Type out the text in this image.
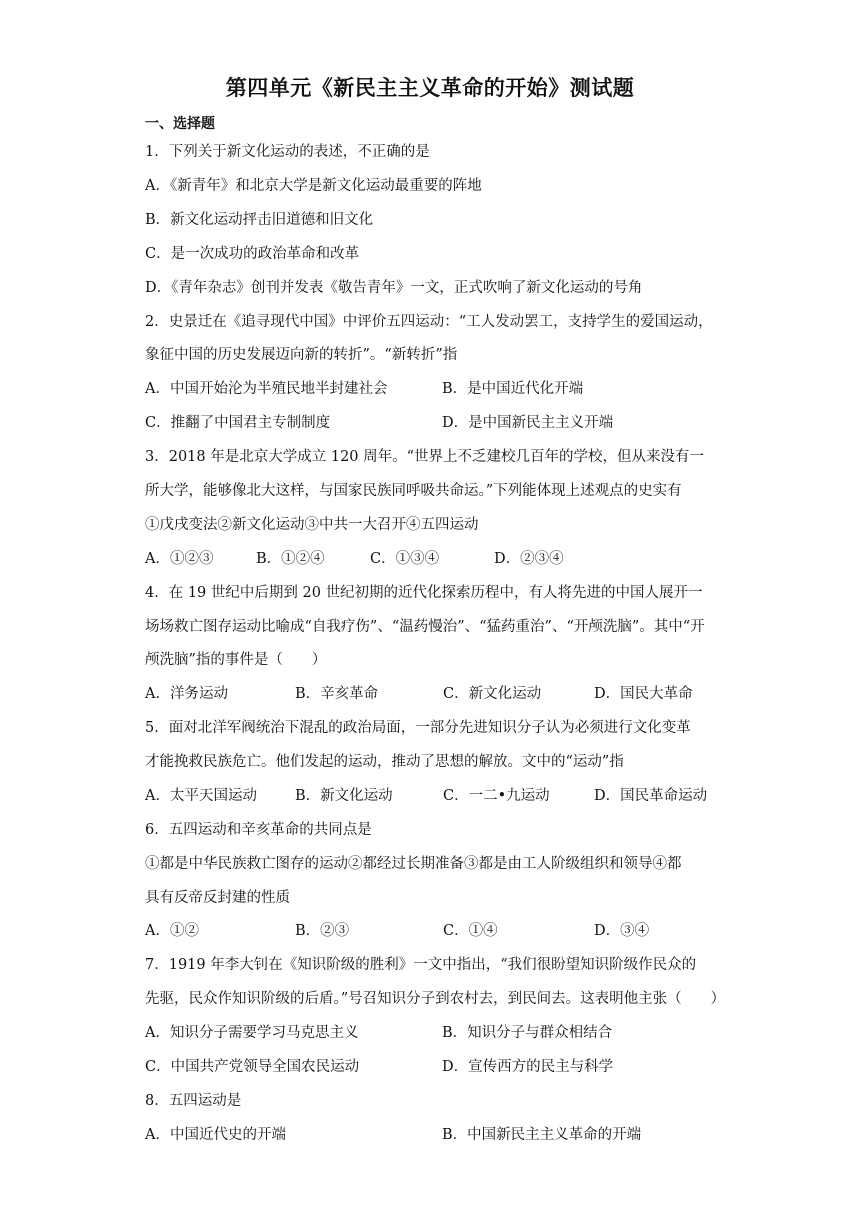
第四单元《新民主主义革命的开始》测试题
一、选择题
1．下列关于新文化运动的表述，不正确的是
A．《新青年》和北京大学是新文化运动最重要的阵地
B．新文化运动抨击旧道德和旧文化
C．是一次成功的政治革命和改革
D．《青年杂志》创刊并发表《敬告青年》一文，正式吹响了新文化运动的号角
2．史景迁在《追寻现代中国》中评价五四运动：“工人发动罢工，支持学生的爱国运动，
象征中国的历史发展迈向新的转折”。“新转折”指
A．中国开始沦为半殖民地半封建社会	B．是中国近代化开端
C．推翻了中国君主专制制度	D．是中国新民主主义开端
3．2018 年是北京大学成立 120 周年。“世界上不乏建校几百年的学校，但从来没有一
所大学，能够像北大这样，与国家民族同呼吸共命运。”下列能体现上述观点的史实有
①戊戌变法②新文化运动③中共一大召开④五四运动
A．①②③	B．①②④	C．①③④	D．②③④
4．在 19 世纪中后期到 20 世纪初期的近代化探索历程中，有人将先进的中国人展开一
场场救亡图存运动比喻成“自我疗伤”、“温药慢治”、“猛药重治”、“开颅洗脑”。其中“开
颅洗脑”指的事件是（　　）
A．洋务运动	B．辛亥革命	C．新文化运动	D．国民大革命
5．面对北洋军阀统治下混乱的政治局面，一部分先进知识分子认为必须进行文化变革
才能挽救民族危亡。他们发起的运动，推动了思想的解放。文中的“运动”指
A．太平天国运动	B．新文化运动	C．一二•九运动	D．国民革命运动
6．五四运动和辛亥革命的共同点是
①都是中华民族救亡图存的运动②都经过长期准备③都是由工人阶级组织和领导④都
具有反帝反封建的性质
A．①②	B．②③	C．①④	D．③④
7．1919 年李大钊在《知识阶级的胜利》一文中指出，“我们很盼望知识阶级作民众的
先驱，民众作知识阶级的后盾。”号召知识分子到农村去，到民间去。这表明他主张（　　）
A．知识分子需要学习马克思主义	B．知识分子与群众相结合
C．中国共产党领导全国农民运动	D．宣传西方的民主与科学
8．五四运动是
A．中国近代史的开端	B．中国新民主主义革命的开端
